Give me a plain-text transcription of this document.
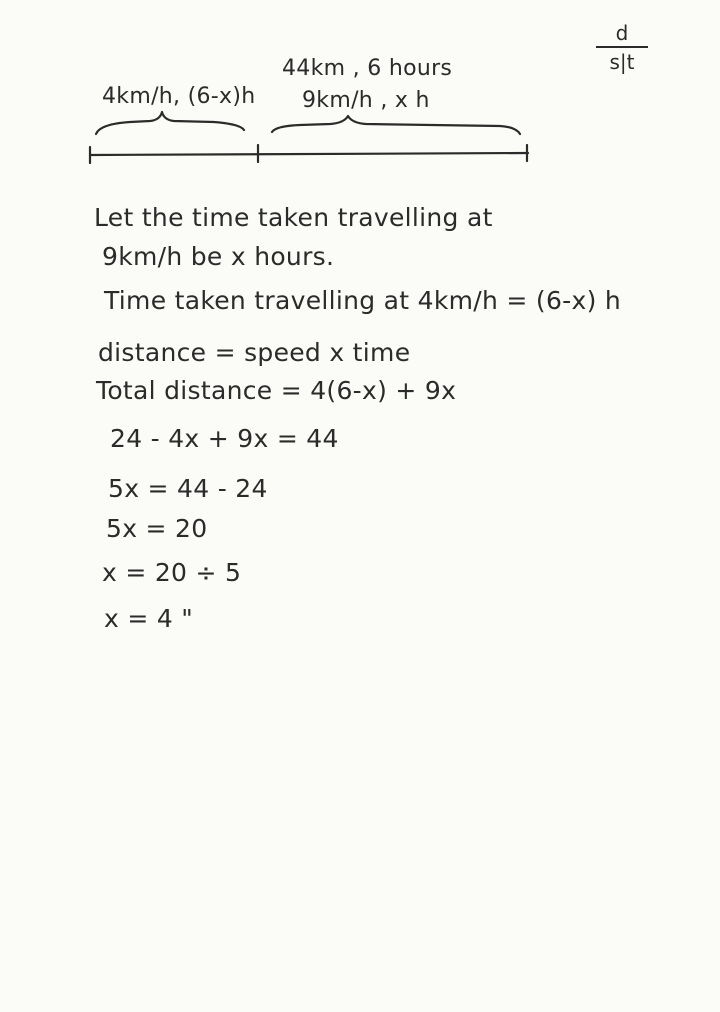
d
s|t
44km , 6 hours
4km/h, (6-x)h 9km/h , x h
Let the time taken travelling at
9km/h be x hours.
Time taken travelling at 4km/h = (6-x) h
distance = speed x time
Total distance = 4(6-x) + 9x
24 - 4x + 9x = 44
5x = 44 - 24
5x = 20
x = 20 ÷ 5
x = 4 "
